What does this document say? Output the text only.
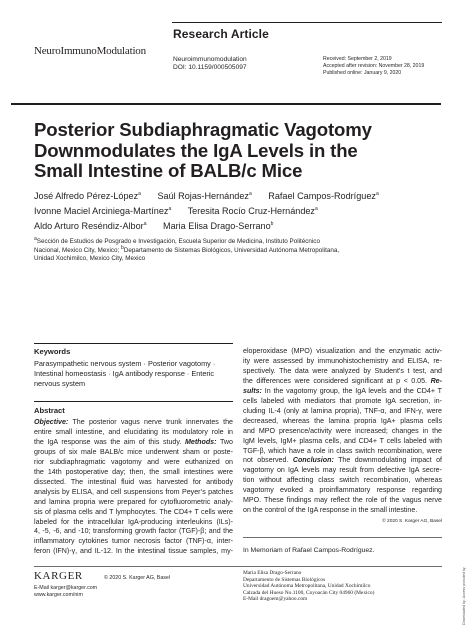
Research Article
NeuroImmunoModulation
Neuroimmunomodulation
DOI: 10.1159/000505097
Received: September 2, 2019
Accepted after revision: November 28, 2019
Published online: January 9, 2020
Posterior Subdiaphragmatic Vagotomy
Downmodulates the IgA Levels in the
Small Intestine of BALB/c Mice
José Alfredo Pérez-López$^a$ Saúl Rojas-Hernández$^a$ Rafael Campos-Rodríguez$^a$
Ivonne Maciel Arciniega-Martínez$^a$ Teresita Rocío Cruz-Hernández$^a$
Aldo Arturo Reséndiz-Albor$^a$ Maria Elisa Drago-Serrano$^b$
$^a$Sección de Estudios de Posgrado e Investigación, Escuela Superior de Medicina, Instituto Politécnico
Nacional, Mexico City, Mexico; $^b$Departamento de Sistemas Biológicos, Universidad Autónoma Metropolitana,
Unidad Xochimilco, Mexico City, Mexico
Keywords
Parasympathetic nervous system · Posterior vagotomy ·
Intestinal homeostasis · IgA antibody response · Enteric
nervous system
Abstract
Objective: The posterior vagus nerve trunk innervates the
entire small intestine, and elucidating its modulatory role in
the IgA response was the aim of this study. Methods: Two
groups of six male BALB/c mice underwent sham or poste-
rior subdiaphragmatic vagotomy and were euthanized on
the 14th postoperative day; then, the small intestines were
dissected. The intestinal fluid was harvested for antibody
analysis by ELISA, and cell suspensions from Peyer’s patches
and lamina propria were prepared for cytofluorometric analy-
sis of plasma cells and T lymphocytes. The CD4+ T cells were
labeled for the intracellular IgA-producing interleukins (ILs)-
4, -5, -6, and -10; transforming growth factor (TGF)-β; and the
inflammatory cytokines tumor necrosis factor (TNF)-α, inter-
feron (IFN)-γ, and IL-12. In the intestinal tissue samples, my-
eloperoxidase (MPO) visualization and the enzymatic activ-
ity were assessed by immunohistochemistry and ELISA, re-
spectively. The data were analyzed by Student’s t test, and
the differences were considered significant at p < 0.05. Re-
sults: In the vagotomy group, the IgA levels and the CD4+ T
cells labeled with mediators that promote IgA secretion, in-
cluding IL-4 (only at lamina propria), TNF-α, and IFN-γ, were
decreased, whereas the lamina propria IgA+ plasma cells
and MPO presence/activity were increased; changes in the
IgM levels, IgM+ plasma cells, and CD4+ T cells labeled with
TGF-β, which have a role in class switch recombination, were
not observed. Conclusion: The downmodulating impact of
vagotomy on IgA levels may result from defective IgA secre-
tion without affecting class switch recombination, whereas
vagotomy evoked a proinflammatory response regarding
MPO. These findings may reflect the role of the vagus nerve
on the control of the IgA response in the small intestine.
© 2020 S. Karger AG, Basel
In Memoriam of Rafael Campos-Rodríguez.
KARGER	© 2020 S. Karger AG, Basel
E-Mail karger@karger.com
www.karger.com/nim
Maria Elisa Drago-Serrano
Departamento de Sistemas Biológicos
Universidad Autónoma Metropolitana, Unidad Xochimilco
Calzada del Hueso No.1100, Coyoacán City 04960 (Mexico)
E-Mail dragoem@yahoo.com	Downloaded by: Access provided by
